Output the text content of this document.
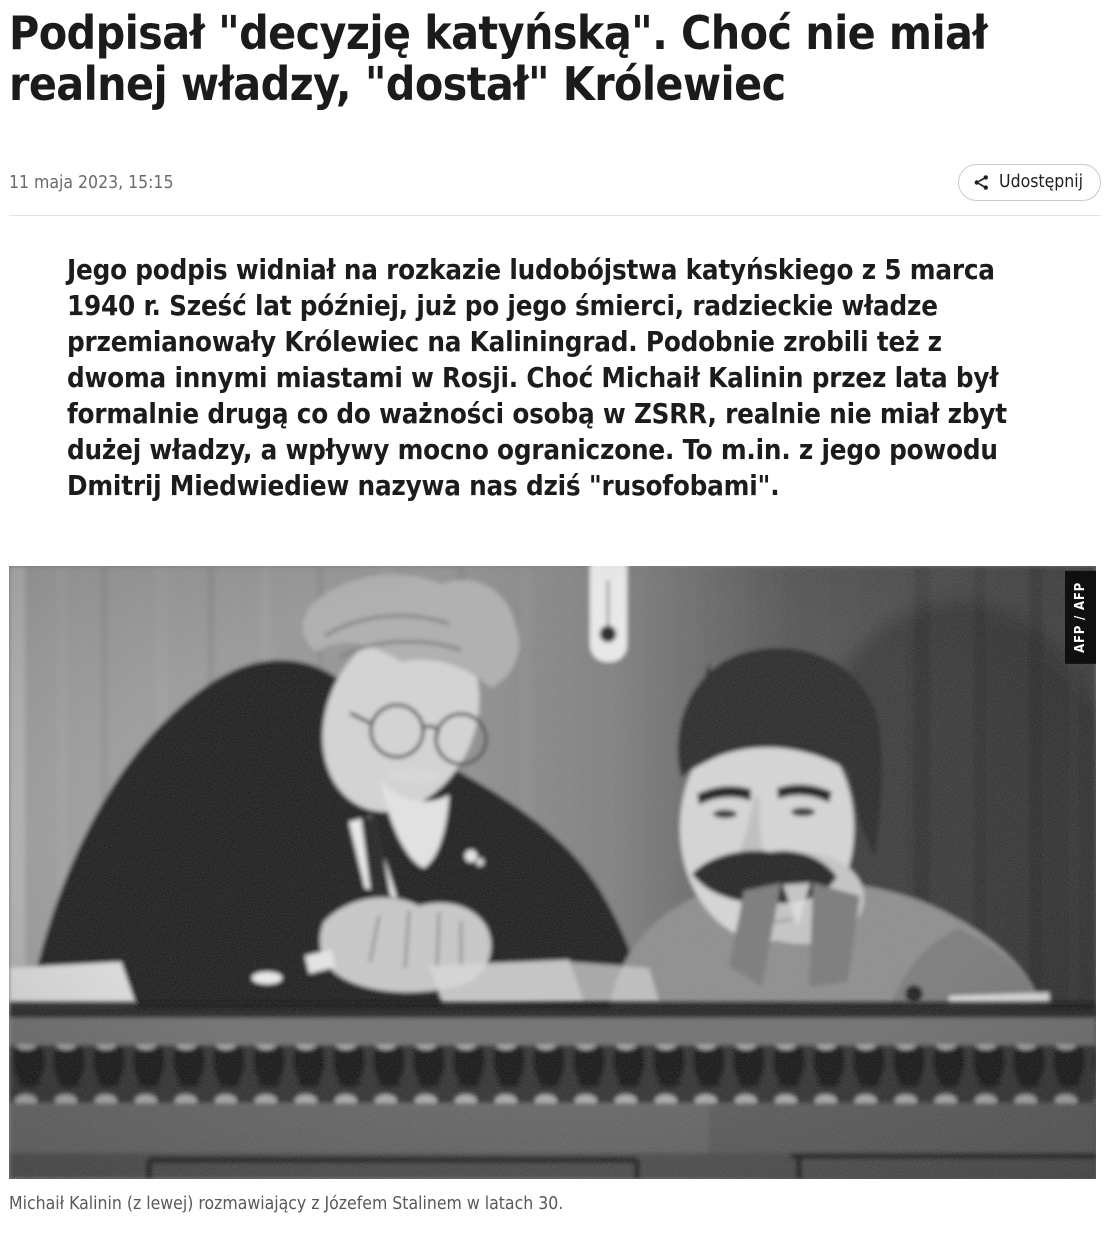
Podpisał "decyzję katyńską". Choć nie miał realnej władzy, "dostał" Królewiec
11 maja 2023, 15:15	Udostępnij

Jego podpis widniał na rozkazie ludobójstwa katyńskiego z 5 marca 1940 r. Sześć lat później, już po jego śmierci, radzieckie władze przemianowały Królewiec na Kaliningrad. Podobnie zrobili też z dwoma innymi miastami w Rosji. Choć Michaił Kalinin przez lata był formalnie drugą co do ważności osobą w ZSRR, realnie nie miał zbyt dużej władzy, a wpływy mocno ograniczone. To m.in. z jego powodu Dmitrij Miedwiediew nazywa nas dziś "rusofobami".

AFP / AFP
Michaił Kalinin (z lewej) rozmawiający z Józefem Stalinem w latach 30.
